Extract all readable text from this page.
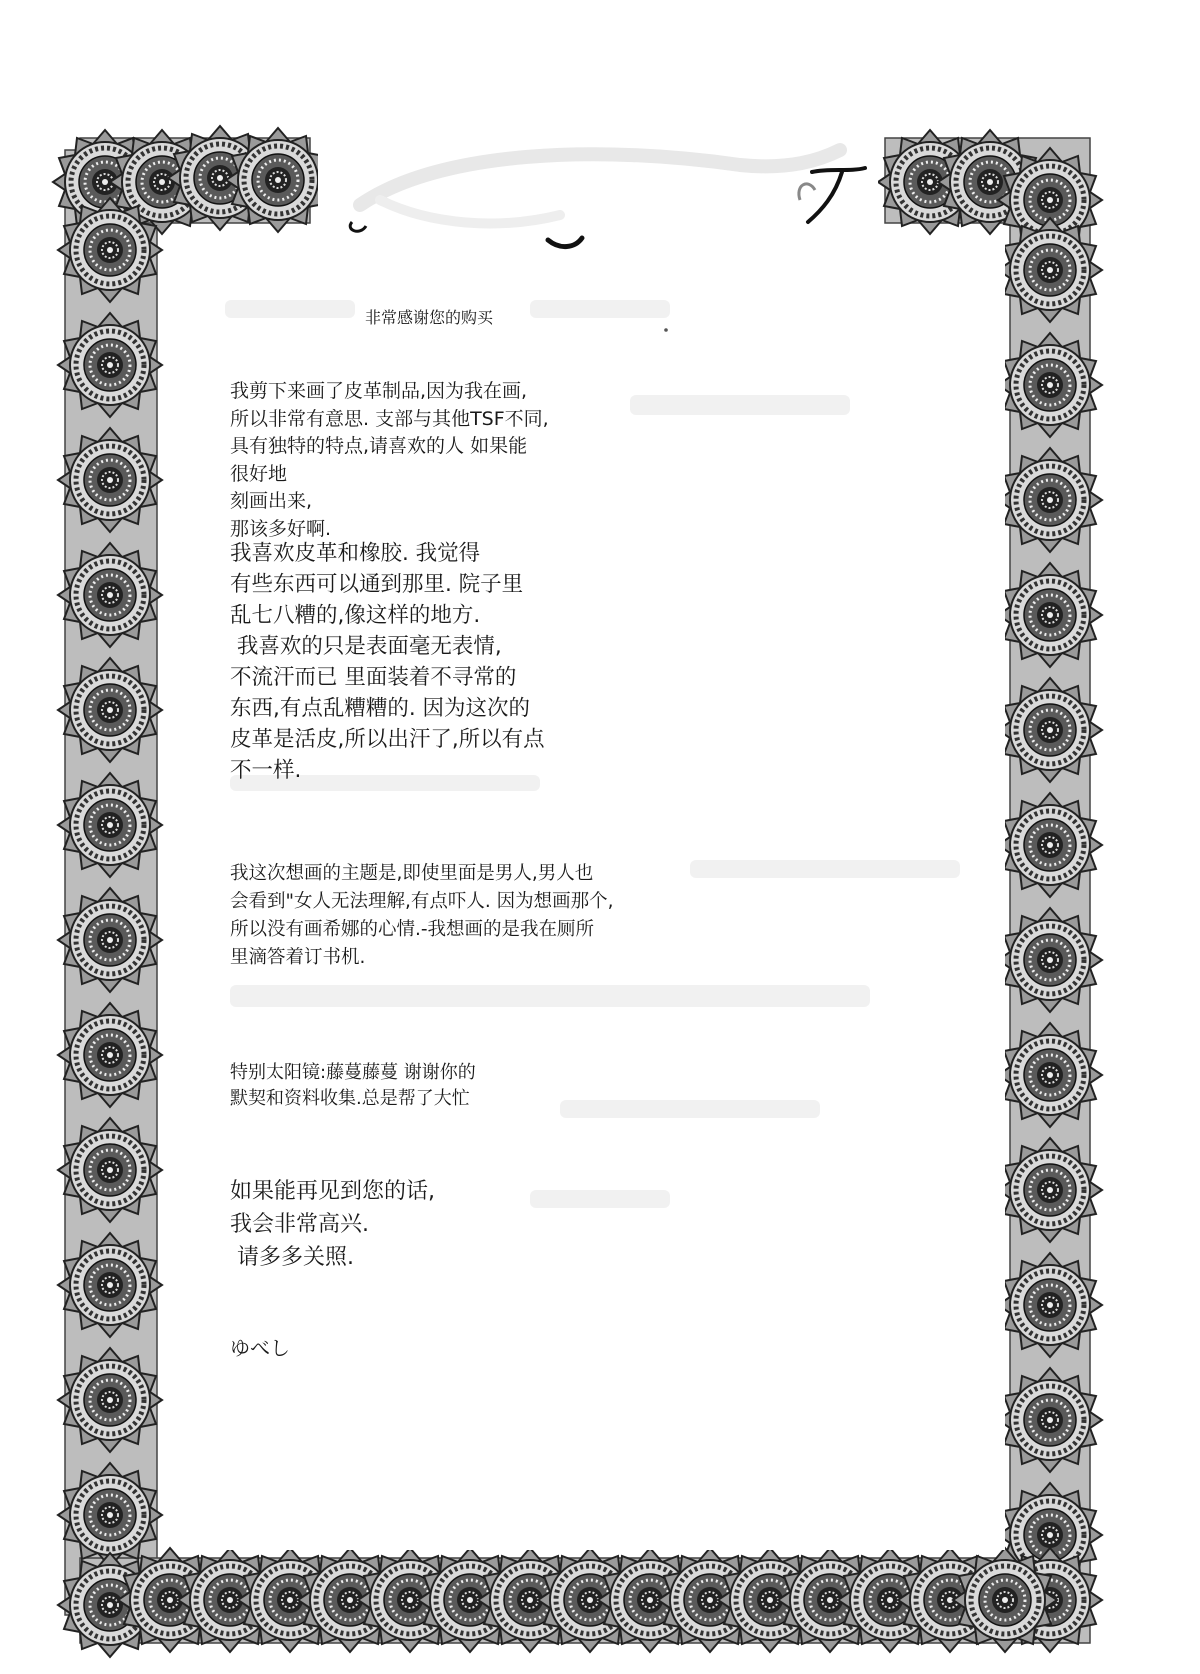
非常感谢您的购买

我剪下来画了皮革制品,因为我在画,
所以非常有意思. 支部与其他TSF不同,
具有独特的特点,请喜欢的人 如果能
很好地
刻画出来,
那该多好啊.

我喜欢皮革和橡胶. 我觉得
有些东西可以通到那里. 院子里
乱七八糟的,像这样的地方.
我喜欢的只是表面毫无表情,
不流汗而已 里面装着不寻常的
东西,有点乱糟糟的. 因为这次的
皮革是活皮,所以出汗了,所以有点
不一样.

我这次想画的主题是,即使里面是男人,男人也
会看到"女人无法理解,有点吓人. 因为想画那个,
所以没有画希娜的心情.-我想画的是我在厕所
里滴答着订书机.

特别太阳镜:藤蔓藤蔓 谢谢你的
默契和资料收集.总是帮了大忙

如果能再见到您的话,
我会非常高兴.
请多多关照.

ゆべし
